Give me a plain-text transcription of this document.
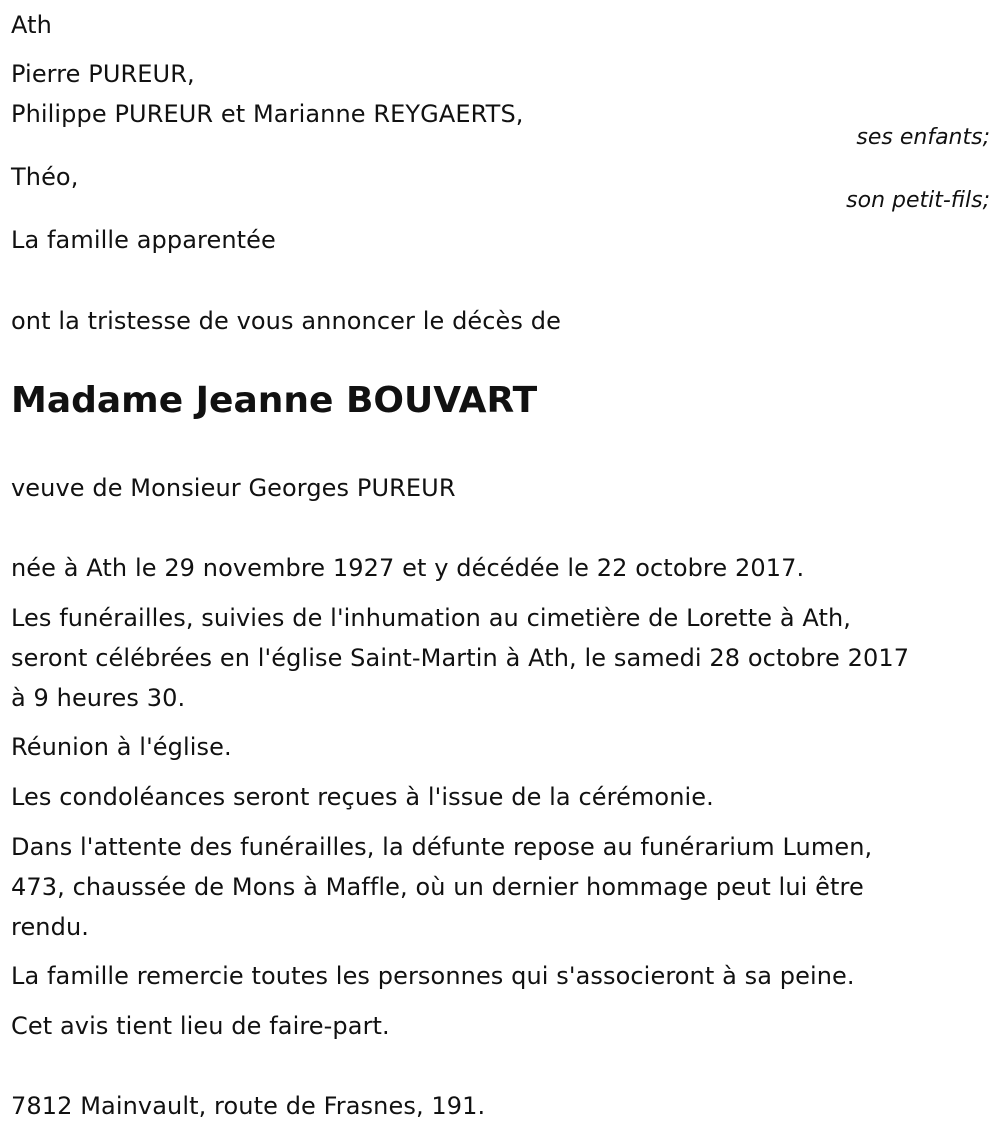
Ath
Pierre PUREUR,
Philippe PUREUR et Marianne REYGAERTS,
ses enfants;
Théo,
son petit-fils;
La famille apparentée
ont la tristesse de vous annoncer le décès de
Madame Jeanne BOUVART
veuve de Monsieur Georges PUREUR
née à Ath le 29 novembre 1927 et y décédée le 22 octobre 2017.
Les funérailles, suivies de l'inhumation au cimetière de Lorette à Ath,
seront célébrées en l'église Saint-Martin à Ath, le samedi 28 octobre 2017
à 9 heures 30.
Réunion à l'église.
Les condoléances seront reçues à l'issue de la cérémonie.
Dans l'attente des funérailles, la défunte repose au funérarium Lumen,
473, chaussée de Mons à Maffle, où un dernier hommage peut lui être
rendu.
La famille remercie toutes les personnes qui s'associeront à sa peine.
Cet avis tient lieu de faire-part.
7812 Mainvault, route de Frasnes, 191.
